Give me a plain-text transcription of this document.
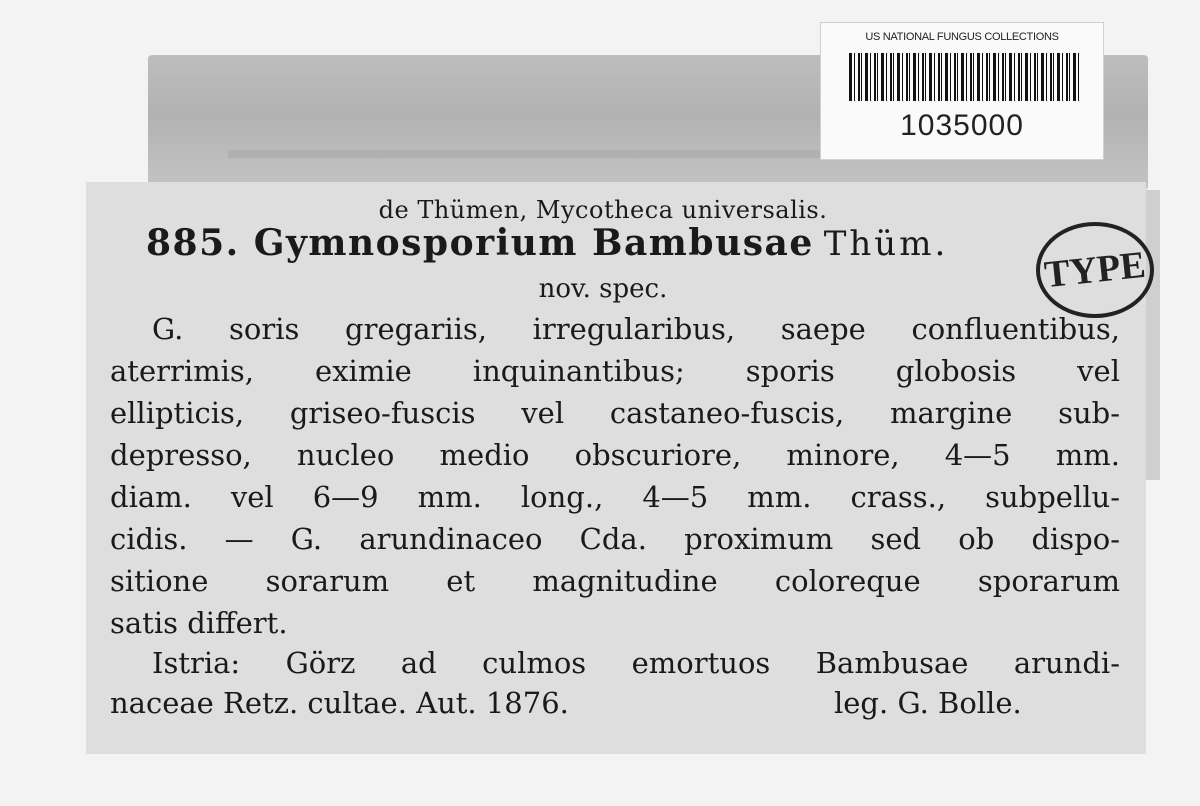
US NATIONAL FUNGUS COLLECTIONS
1035000
de Thümen, Mycotheca universalis.
885. Gymnosporium Bambusae Thüm.
nov. spec.
G. soris gregariis, irregularibus, saepe confluentibus,
aterrimis, eximie inquinantibus; sporis globosis vel
ellipticis, griseo-fuscis vel castaneo-fuscis, margine sub-
depresso, nucleo medio obscuriore, minore, 4—5 mm.
diam. vel 6—9 mm. long., 4—5 mm. crass., subpellu-
cidis. — G. arundinaceo Cda. proximum sed ob dispo-
sitione sorarum et magnitudine coloreque sporarum
satis differt.
Istria: Görz ad culmos emortuos Bambusae arundi-
naceae Retz. cultae. Aut. 1876.	leg. G. Bolle.
TYPE
